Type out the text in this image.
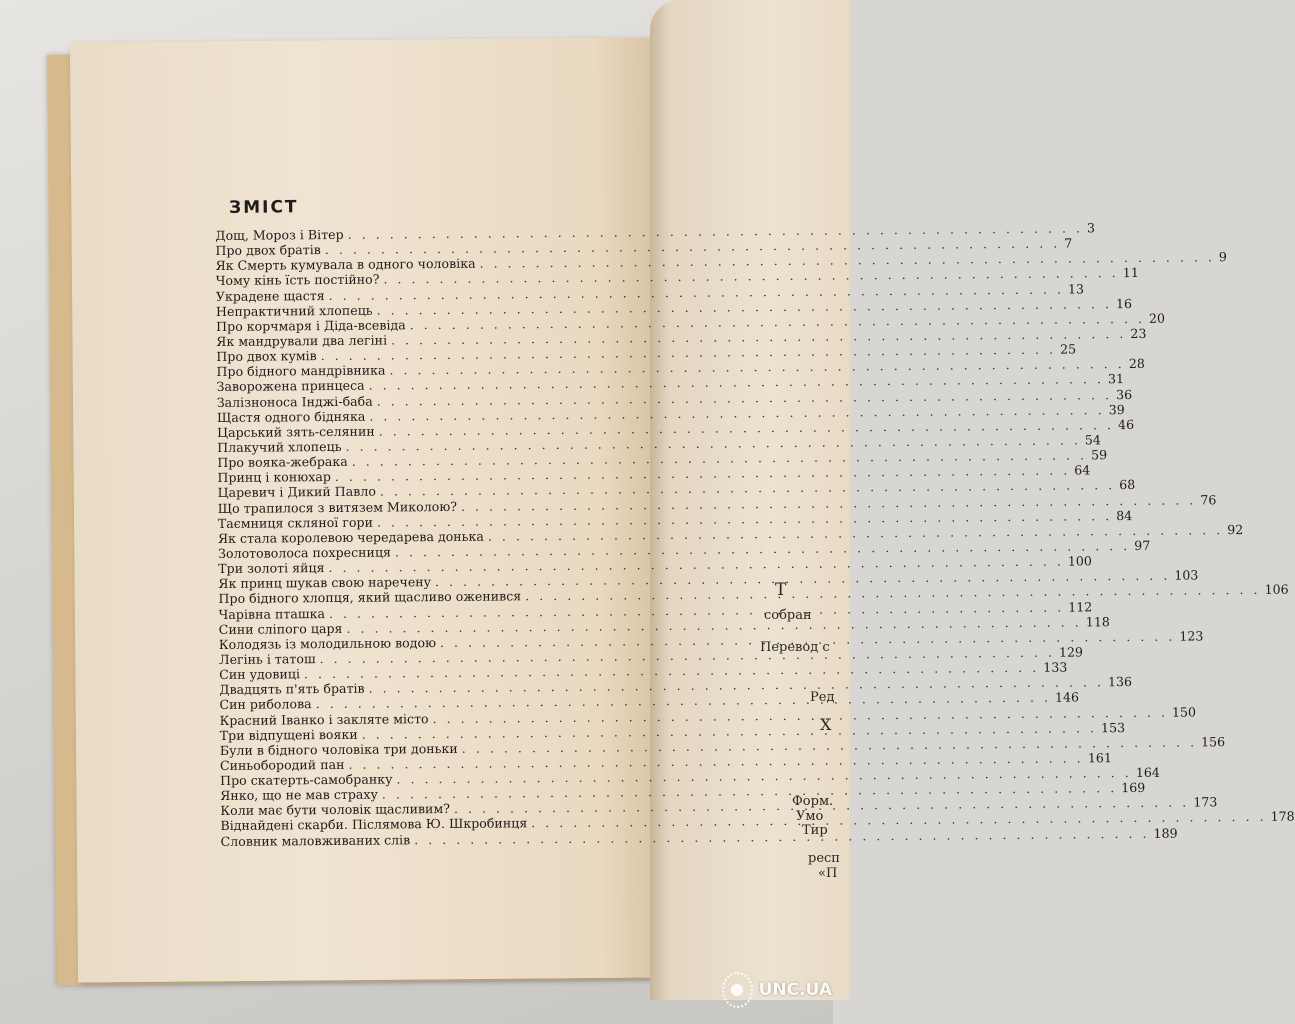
Т
собран
Перевод с
Ред
Х
Форм.
Умо
Тир
респ
«П
ЗМІСТ
Дощ, Мороз і Вітер . . .	3
Про двох братів . . .	7
Як Смерть кумувала в одного чоловіка . . .	9
Чому кінь їсть постійно? . . .	11
Украдене щастя . . .	13
Непрактичний хлопець . . .	16
Про корчмаря і Діда-всевіда . . .	20
Як мандрували два легіні . . .	23
Про двох кумів . . .	25
Про бідного мандрівника . . .	28
Заворожена принцеса . . .	31
Залізноноса Інджі-баба . . .	36
Щастя одного бідняка . . .	39
Царський зять-селянин . . .	46
Плакучий хлопець . . .	54
Про вояка-жебрака . . .	59
Принц і конюхар . . .	64
Царевич і Дикий Павло . . .	68
Що трапилося з витязем Миколою? . . .	76
Таємниця скляної гори . . .	84
Як стала королевою чередарева донька . . .	92
Золотоволоса похресниця . . .	97
Три золоті яйця . . .	100
Як принц шукав свою наречену . . .	103
Про бідного хлопця, який щасливо оженився . . .	106
Чарівна пташка . . .	112
Сини сліпого царя . . .	118
Колодязь із молодильною водою . . .	123
Легінь і татош . . .	129
Син удовиці . . .	133
Двадцять п'ять братів . . .	136
Син риболова . . .	146
Красний Іванко і закляте місто . . .	150
Три відпущені вояки . . .	153
Були в бідного чоловіка три доньки . . .	156
Синьобородий пан . . .	161
Про скатерть-самобранку . . .	164
Янко, що не мав страху . . .	169
Коли має бути чоловік щасливим? . . .	173
Віднайдені скарби. Післямова Ю. Шкробинця . . .	178
Словник маловживаних слів . . .	189
UNC.UA
